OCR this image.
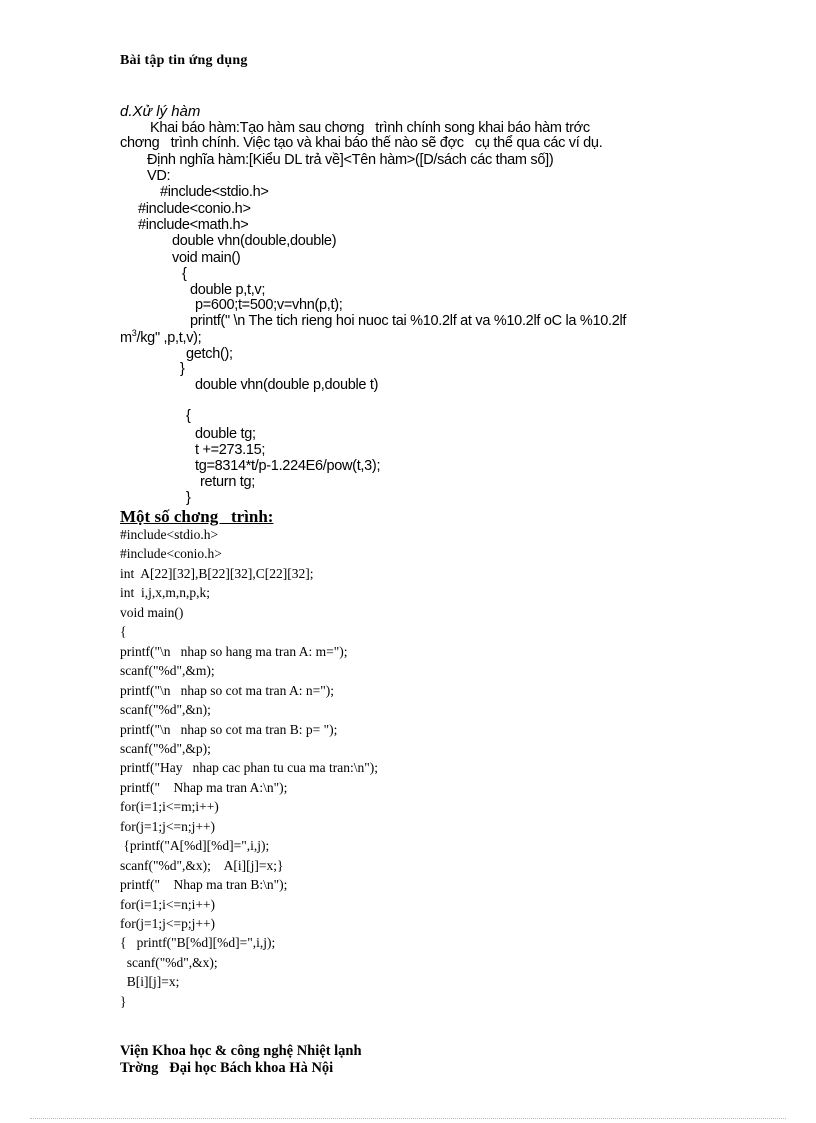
Bài tập tin ứng dụng
d.Xử lý hàm
Khai báo hàm:Tạo hàm sau chơng   trình chính song khai báo hàm trớc
chơng   trình chính. Việc tạo và khai báo thế nào sẽ đợc   cụ thể qua các ví dụ.
Định nghĩa hàm:[Kiểu DL trả về]<Tên hàm>([D/sách các tham số])
VD:
#include<stdio.h>
#include<conio.h>
#include<math.h>
double vhn(double,double)
void main()
{
double p,t,v;
p=600;t=500;v=vhn(p,t);
printf(" \n The tich rieng hoi nuoc tai %10.2lf at va %10.2lf oC la %10.2lf
$m^3/kg$" ,p,t,v);
getch();
}
double vhn(double p,double t)
{
double tg;
t +=273.15;
tg=8314*t/p-1.224E6/pow(t,3);
return tg;
}
Một số chơng   trình:
#include<stdio.h>
#include<conio.h>
int  A[22][32],B[22][32],C[22][32];
int  i,j,x,m,n,p,k;
void main()
{
printf("\n   nhap so hang ma tran A: m=");
scanf("%d",&m);
printf("\n   nhap so cot ma tran A: n=");
scanf("%d",&n);
printf("\n   nhap so cot ma tran B: p= ");
scanf("%d",&p);
printf("Hay   nhap cac phan tu cua ma tran:\n");
printf("    Nhap ma tran A:\n");
for(i=1;i<=m;i++)
for(j=1;j<=n;j++)
{printf("A[%d][%d]=",i,j);
scanf("%d",&x);    A[i][j]=x;}
printf("    Nhap ma tran B:\n");
for(i=1;i<=n;i++)
for(j=1;j<=p;j++)
{   printf("B[%d][%d]=",i,j);
scanf("%d",&x);
B[i][j]=x;
}
Viện Khoa học & công nghệ Nhiệt lạnh
Trờng   Đại học Bách khoa Hà Nội
